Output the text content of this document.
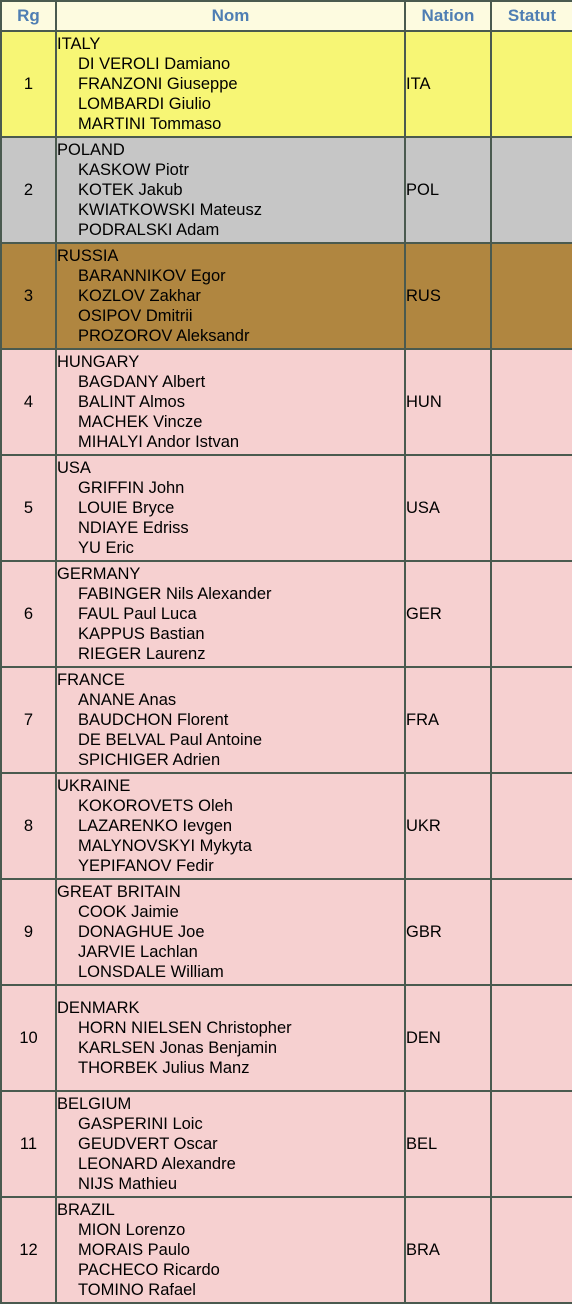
Rg	Nom	Nation	Statut
1	ITALY
DI VEROLI Damiano
FRANZONI Giuseppe
LOMBARDI Giulio
MARTINI Tommaso	ITA	
2	POLAND
KASKOW Piotr
KOTEK Jakub
KWIATKOWSKI Mateusz
PODRALSKI Adam	POL	
3	RUSSIA
BARANNIKOV Egor
KOZLOV Zakhar
OSIPOV Dmitrii
PROZOROV Aleksandr	RUS	
4	HUNGARY
BAGDANY Albert
BALINT Almos
MACHEK Vincze
MIHALYI Andor Istvan	HUN	
5	USA
GRIFFIN John
LOUIE Bryce
NDIAYE Edriss
YU Eric	USA	
6	GERMANY
FABINGER Nils Alexander
FAUL Paul Luca
KAPPUS Bastian
RIEGER Laurenz	GER	
7	FRANCE
ANANE Anas
BAUDCHON Florent
DE BELVAL Paul Antoine
SPICHIGER Adrien	FRA	
8	UKRAINE
KOKOROVETS Oleh
LAZARENKO Ievgen
MALYNOVSKYI Mykyta
YEPIFANOV Fedir	UKR	
9	GREAT BRITAIN
COOK Jaimie
DONAGHUE Joe
JARVIE Lachlan
LONSDALE William	GBR	
10	DENMARK
HORN NIELSEN Christopher
KARLSEN Jonas Benjamin
THORBEK Julius Manz	DEN	
11	BELGIUM
GASPERINI Loic
GEUDVERT Oscar
LEONARD Alexandre
NIJS Mathieu	BEL	
12	BRAZIL
MION Lorenzo
MORAIS Paulo
PACHECO Ricardo
TOMINO Rafael	BRA	
